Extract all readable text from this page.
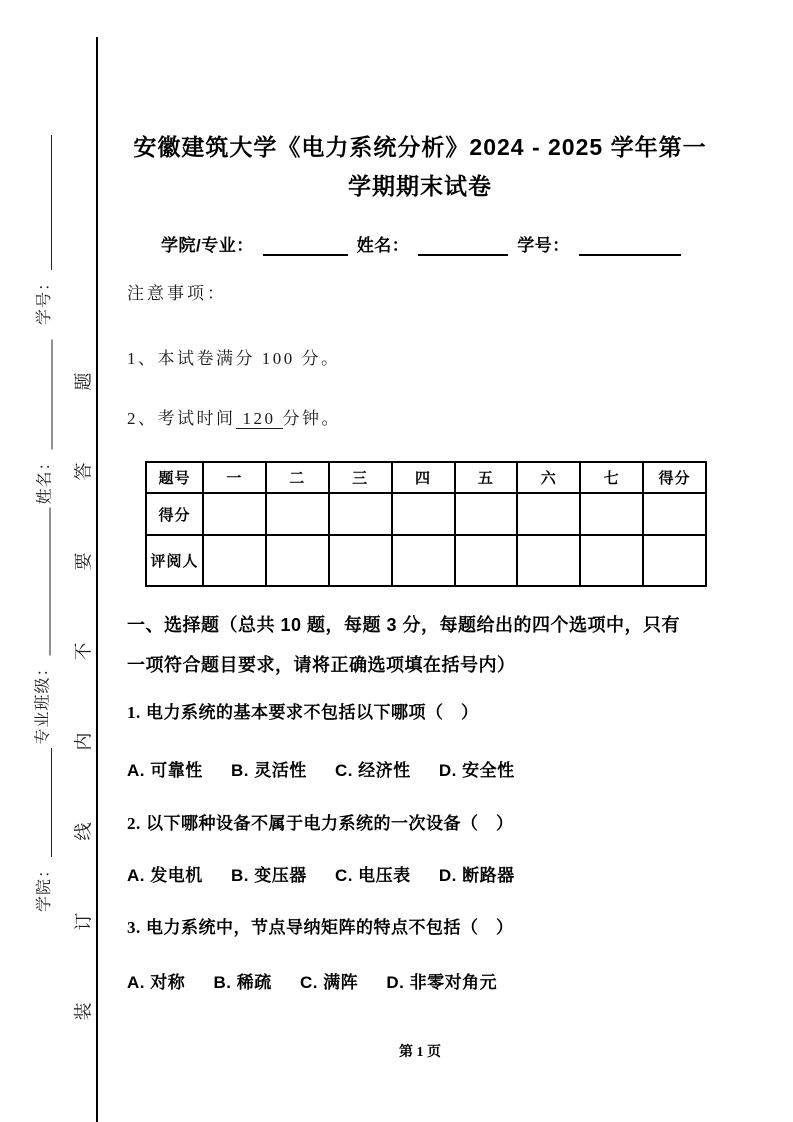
学号：
姓名：
专业班级：
学院： 装订线内不要答题
安徽建筑大学《电力系统分析》2024 - 2025 学年第一
学期期末试卷
学院/专业：	姓名：	学号：
注意事项：
1、本试卷满分 100 分。
2、考试时间 120 分钟。
题号	一	二	三	四	五	六	七	得分
得分								
评阅人								
一、选择题（总共 10 题，每题 3 分，每题给出的四个选项中，只有
一项符合题目要求，请将正确选项填在括号内）
1. 电力系统的基本要求不包括以下哪项（　）
A. 可靠性 B. 灵活性 C. 经济性 D. 安全性
2. 以下哪种设备不属于电力系统的一次设备（　）
A. 发电机 B. 变压器 C. 电压表 D. 断路器
3. 电力系统中，节点导纳矩阵的特点不包括（　）
A. 对称 B. 稀疏 C. 满阵 D. 非零对角元
第 1 页
